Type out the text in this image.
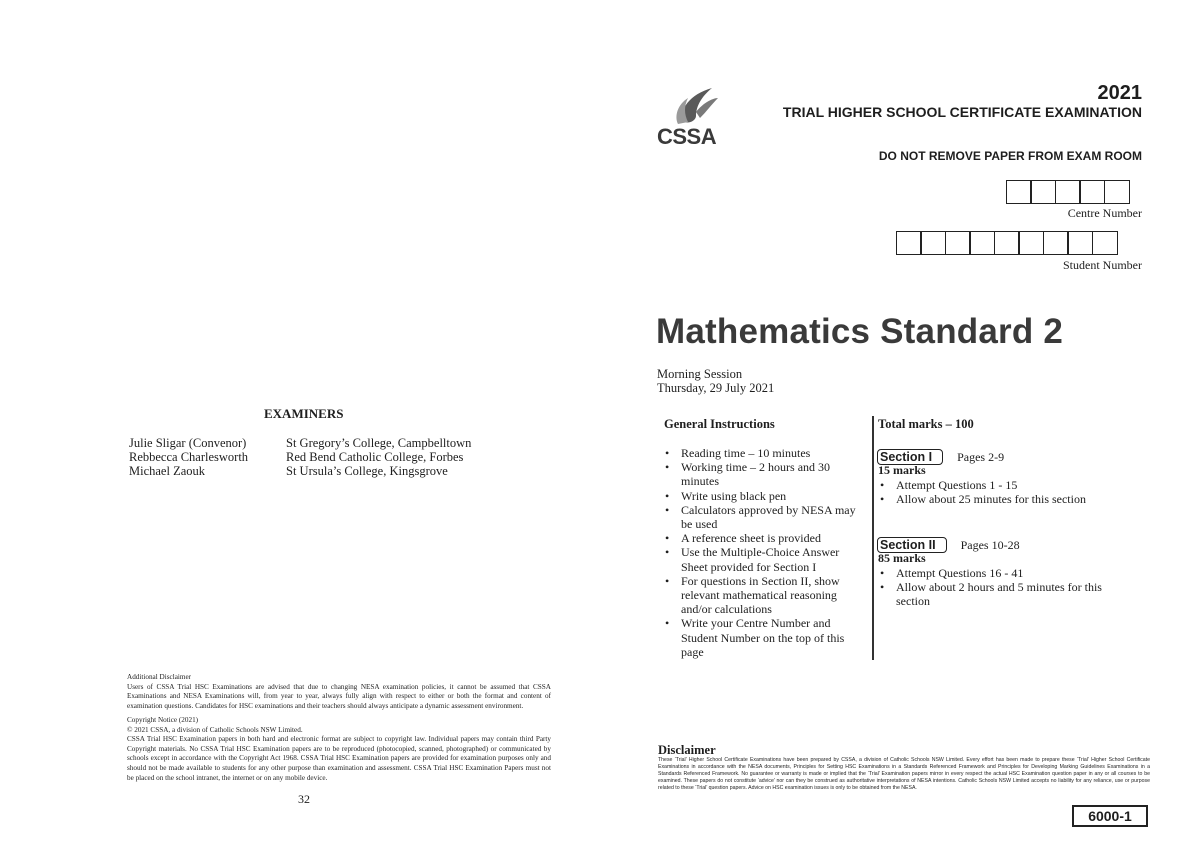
EXAMINERS
Julie Sligar (Convenor)	St Gregory’s College, Campbelltown
Rebbecca Charlesworth	Red Bend Catholic College, Forbes
Michael Zaouk	St Ursula’s College, Kingsgrove
Additional Disclaimer
Users of CSSA Trial HSC Examinations are advised that due to changing NESA examination policies, it cannot be assumed that CSSA Examinations and NESA Examinations will, from year to year, always fully align with respect to either or both the format and content of examination questions. Candidates for HSC examinations and their teachers should always anticipate a dynamic assessment environment.
Copyright Notice (2021)
© 2021 CSSA, a division of Catholic Schools NSW Limited.
CSSA Trial HSC Examination papers in both hard and electronic format are subject to copyright law. Individual papers may contain third Party Copyright materials. No CSSA Trial HSC Examination papers are to be reproduced (photocopied, scanned, photographed) or communicated by schools except in accordance with the Copyright Act 1968. CSSA Trial HSC Examination papers are provided for examination purposes only and should not be made available to students for any other purpose than examination and assessment. CSSA Trial HSC Examination Papers must not be placed on the school intranet, the internet or on any mobile device.
32
CSSA
2021
TRIAL HIGHER SCHOOL CERTIFICATE EXAMINATION
DO NOT REMOVE PAPER FROM EXAM ROOM
Centre Number
Student Number
Mathematics Standard 2
Morning Session
Thursday, 29 July 2021
General Instructions
• Reading time – 10 minutes
• Working time – 2 hours and 30 minutes
• Write using black pen
• Calculators approved by NESA may be used
• A reference sheet is provided
• Use the Multiple-Choice Answer Sheet provided for Section I
• For questions in Section II, show relevant mathematical reasoning and/or calculations
• Write your Centre Number and Student Number on the top of this page
Total marks – 100
Section I Pages 2-9
15 marks
• Attempt Questions 1 - 15
• Allow about 25 minutes for this section
Section II Pages 10-28
85 marks
• Attempt Questions 16 - 41
• Allow about 2 hours and 5 minutes for this section
Disclaimer
These ‘Trial’ Higher School Certificate Examinations have been prepared by CSSA, a division of Catholic Schools NSW Limited. Every effort has been made to prepare these ‘Trial’ Higher School Certificate Examinations in accordance with the NESA documents, Principles for Setting HSC Examinations in a Standards Referenced Framework and Principles for Developing Marking Guidelines Examinations in a Standards Referenced Framework. No guarantee or warranty is made or implied that the ‘Trial’ Examination papers mirror in every respect the actual HSC Examination question paper in any or all courses to be examined. These papers do not constitute ‘advice’ nor can they be construed as authoritative interpretations of NESA intentions. Catholic Schools NSW Limited accepts no liability for any reliance, use or purpose related to these ‘Trial’ question papers. Advice on HSC examination issues is only to be obtained from the NESA.
6000-1
